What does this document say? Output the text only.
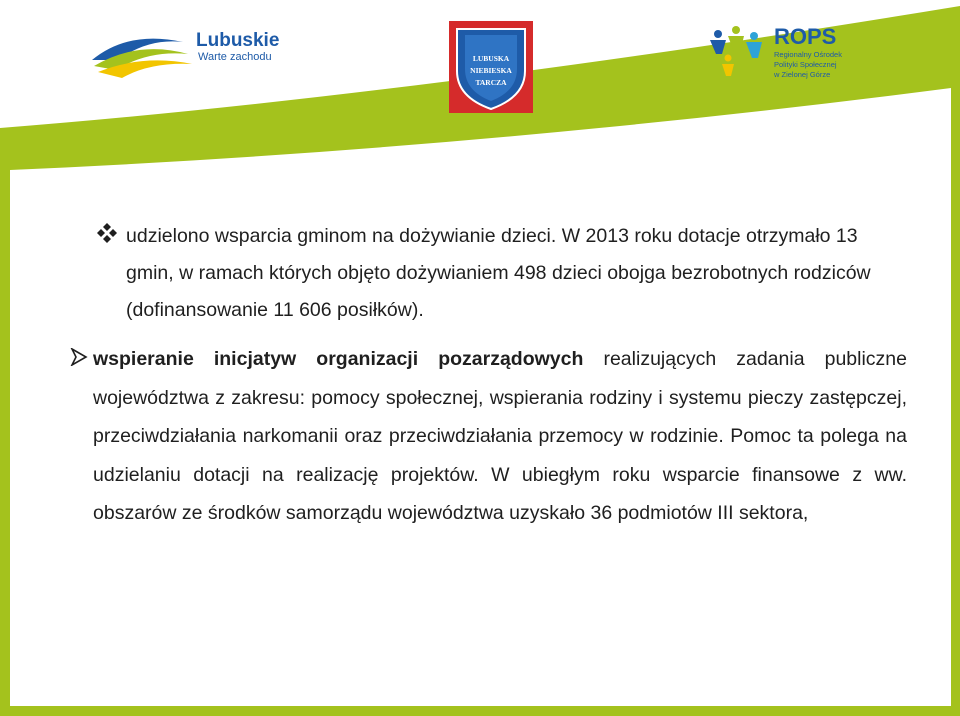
Lubuskie
Warte zachodu	LUBUSKA
NIEBIESKA
TARCZA
ROPS
Regionalny Ośrodek
Polityki Społecznej
w Zielonej Górze
udzielono wsparcia gminom na dożywianie dzieci. W 2013 roku dotacje otrzymało 13 gmin, w ramach których objęto dożywianiem 498 dzieci obojga bezrobotnych rodziców (dofinansowanie 11 606 posiłków).
wspieranie inicjatyw organizacji pozarządowych realizujących zadania publiczne województwa z zakresu: pomocy społecznej, wspierania rodziny i systemu pieczy zastępczej, przeciwdziałania narkomanii oraz przeciwdziałania przemocy w rodzinie. Pomoc ta polega na udzielaniu dotacji na realizację projektów. W ubiegłym roku wsparcie finansowe z ww. obszarów ze środków samorządu województwa uzyskało 36 podmiotów III sektora,
